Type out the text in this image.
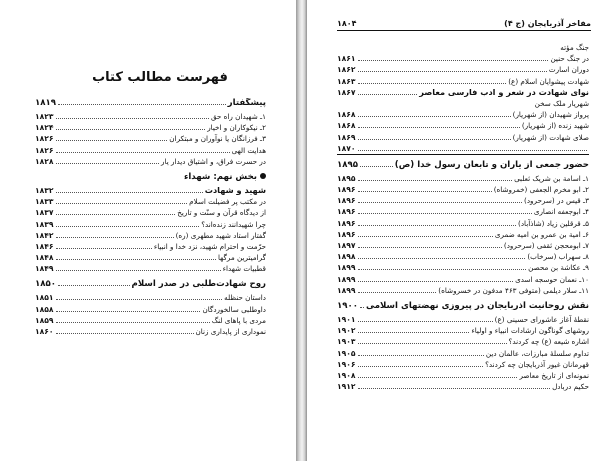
فهرست مطالب کتاب
پیشگفتار
۱۸۱۹
۱ـ شهیدان راه حق
۱۸۲۳
۲ـ نیکوکاران و اخیار
۱۸۲۴
۳ـ فرزانگان یا نوآوران و مبتکران
۱۸۲۶
هدایت الهی
۱۸۲۶
در حسرت فراق، و اشتیاق دیدار یار
۱۸۲۸
بخش نهم: شهداء
شهید و شهادت
۱۸۳۲
در مکتب پر فضیلت اسلام
۱۸۳۳
از دیدگاه قرآن و سنّت و تاریخ
۱۸۳۷
چرا شهیدانند زنده‌اند؟
۱۸۳۹
گفتار استاد شهید مطهری (ره)
۱۸۴۲
حرّمت و احترام شهید، نزد خدا و انبیاء
۱۸۴۶
گرامیترین مرگها
۱۸۴۸
قطبیات شهداء
۱۸۴۹
روح شهادت‌طلبی در صدر اسلام
۱۸۵۰
داستان حنظله
۱۸۵۱
داوطلبی سالخوردگان
۱۸۵۸
مردی با پاهای لنگ
۱۸۵۹
نمودارى از پایداری زنان
۱۸۶۰
مفاخر آذربایجان (ج ۴)
۱۸۰۴
جنگ مؤته
در جنگ حنین
۱۸۶۱
دوران اسارت
۱۸۶۲
شهادت پیشوایان اسلام (ع)
۱۸۶۳
نوای شهادت در شعر و ادب فارسی معاصر
۱۸۶۷
شهریار ملک سخن
پرواز شهیدان (از شهریار)
۱۸۶۸
شهید زنده (از شهریار)
۱۸۶۸
صلای شهادت (از شهریار)
۱۸۶۹
۱۸۷۰
حضور جمعی از یاران و تابعان رسول خدا (ص)
۱۸۹۵
۱ـ اسامة بن شریک ثعلبی
۱۸۹۵
۲ـ ابو مخرم الجعفی (خمروشاه)
۱۸۹۶
۳ـ قیس در (سرحرود)
۱۸۹۶
۴ـ ابوجعفه انصاری
۱۸۹۶
۵ـ قرقلین زیاد (شاذآباد)
۱۸۹۶
۶ـ امیة بن عمرو بن امیه ضمری
۱۸۹۶
۷ـ ابومحجن ثقفی (سرحرود)
۱۸۹۷
۸ـ سهراب (سرخاب)
۱۸۹۸
۹ـ عکاشة بن محصن
۱۸۹۹
۱۰ـ نعمان حوسجه اسدی
۱۸۹۹
۱۱ـ سلار دیلمی (متوفی ۴۶۳ مدفون در خسروشاه)
۱۸۹۹
نقش روحانیت آذربایجان در پیروزی نهضتهای اسلامی
۱۹۰۰
نقطهٔ آغاز عاشورای حسینی (ع)
۱۹۰۱
روشهای گوناگون ارشادات انبیاء و اولیاء
۱۹۰۲
اشاره شیعه (ع) چه کردند؟
۱۹۰۳
تداوم سلسلهٔ مبارزات، عالمان دین
۱۹۰۵
قهرمانان غیور آذربایجان چه کردند؟
۱۹۰۶
نمونه‌ای از تاریخ معاصر
۱۹۰۸
حکیم دربادل
۱۹۱۲
